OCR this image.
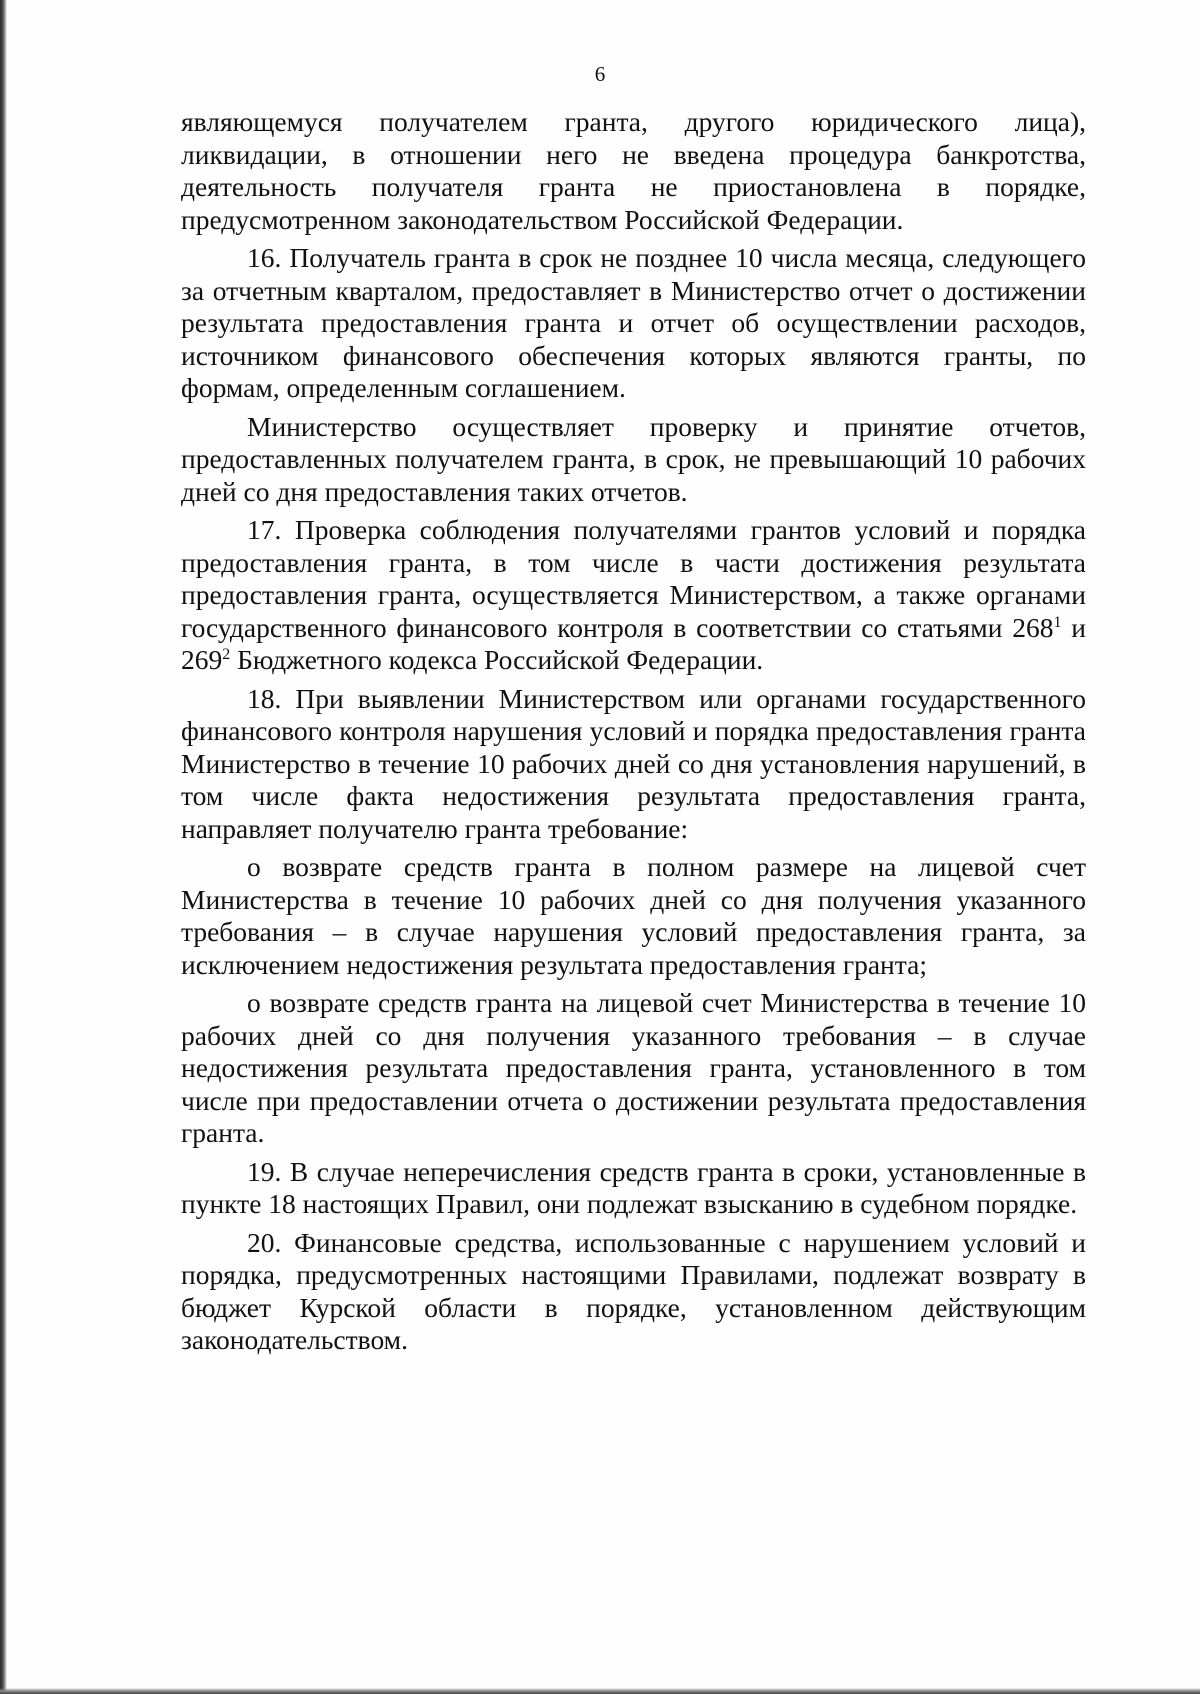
6

являющемуся получателем гранта, другого юридического лица), ликвидации, в отношении него не введена процедура банкротства, деятельность получателя гранта не приостановлена в порядке, предусмотренном законодательством Российской Федерации.

16. Получатель гранта в срок не позднее 10 числа месяца, следующего за отчетным кварталом, предоставляет в Министерство отчет о достижении результата предоставления гранта и отчет об осуществлении расходов, источником финансового обеспечения которых являются гранты, по формам, определенным соглашением.

Министерство осуществляет проверку и принятие отчетов, предоставленных получателем гранта, в срок, не превышающий 10 рабочих дней со дня предоставления таких отчетов.

17. Проверка соблюдения получателями грантов условий и порядка предоставления гранта, в том числе в части достижения результата предоставления гранта, осуществляется Министерством, а также органами государственного финансового контроля в соответствии со статьями $268^1$ и $269^2$ Бюджетного кодекса Российской Федерации.

18. При выявлении Министерством или органами государственного финансового контроля нарушения условий и порядка предоставления гранта Министерство в течение 10 рабочих дней со дня установления нарушений, в том числе факта недостижения результата предоставления гранта, направляет получателю гранта требование:

о возврате средств гранта в полном размере на лицевой счет Министерства в течение 10 рабочих дней со дня получения указанного требования – в случае нарушения условий предоставления гранта, за исключением недостижения результата предоставления гранта;

о возврате средств гранта на лицевой счет Министерства в течение 10 рабочих дней со дня получения указанного требования – в случае недостижения результата предоставления гранта, установленного в том числе при предоставлении отчета о достижении результата предоставления гранта.

19. В случае неперечисления средств гранта в сроки, установленные в пункте 18 настоящих Правил, они подлежат взысканию в судебном порядке.

20. Финансовые средства, использованные с нарушением условий и порядка, предусмотренных настоящими Правилами, подлежат возврату в бюджет Курской области в порядке, установленном действующим законодательством.
